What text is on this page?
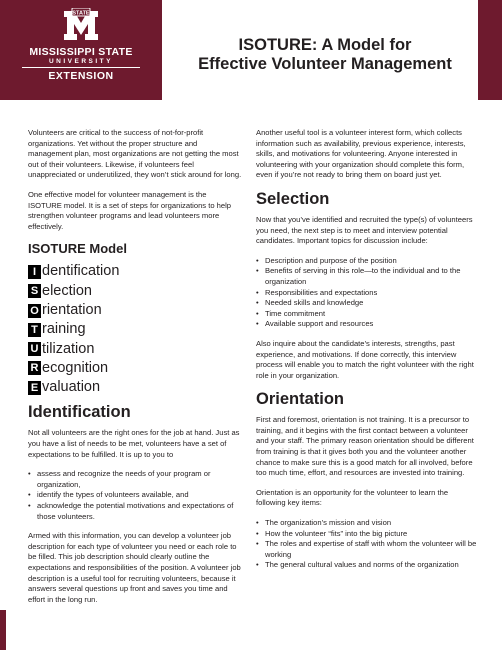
STATE
MISSISSIPPI STATE
UNIVERSITY
EXTENSION
ISOTURE: A Model for
Effective Volunteer Management

Volunteers are critical to the success of not-for-profit organizations. Yet without the proper structure and management plan, most organizations are not getting the most out of their volunteers. Likewise, if volunteers feel unappreciated or underutilized, they won’t stick around for long.

One effective model for volunteer management is the ISOTURE model. It is a set of steps for organizations to help strengthen volunteer programs and lead volunteers more effectively.

ISOTURE Model
I dentification
S election
O rientation
T raining
U tilization
R ecognition
E valuation
Identification

Not all volunteers are the right ones for the job at hand. Just as you have a list of needs to be met, volunteers have a set of expectations to be fulfilled. It is up to you to

• assess and recognize the needs of your program or organization,
• identify the types of volunteers available, and
• acknowledge the potential motivations and expectations of those volunteers.

Armed with this information, you can develop a volunteer job description for each type of volunteer you need or each role to be filled. This job description should clearly outline the expectations and responsibilities of the position. A volunteer job description is a useful tool for recruiting volunteers, because it answers several questions up front and saves you time and effort in the long run.

Another useful tool is a volunteer interest form, which collects information such as availability, previous experience, interests, skills, and motivations for volunteering. Anyone interested in volunteering with your organization should complete this form, even if you’re not ready to bring them on board just yet.

Selection

Now that you’ve identified and recruited the type(s) of volunteers you need, the next step is to meet and interview potential candidates. Important topics for discussion include:

• Description and purpose of the position
• Benefits of serving in this role—to the individual and to the organization
• Responsibilities and expectations
• Needed skills and knowledge
• Time commitment
• Available support and resources

Also inquire about the candidate’s interests, strengths, past experience, and motivations. If done correctly, this interview process will enable you to match the right volunteer with the right role in your organization.

Orientation

First and foremost, orientation is not training. It is a precursor to training, and it begins with the first contact between a volunteer and your staff. The primary reason orientation should be different from training is that it gives both you and the volunteer another chance to make sure this is a good match for all involved, before too much time, effort, and resources are invested into training.

Orientation is an opportunity for the volunteer to learn the following key items:

• The organization’s mission and vision
• How the volunteer “fits” into the big picture
• The roles and expertise of staff with whom the volunteer will be working
• The general cultural values and norms of the organization
